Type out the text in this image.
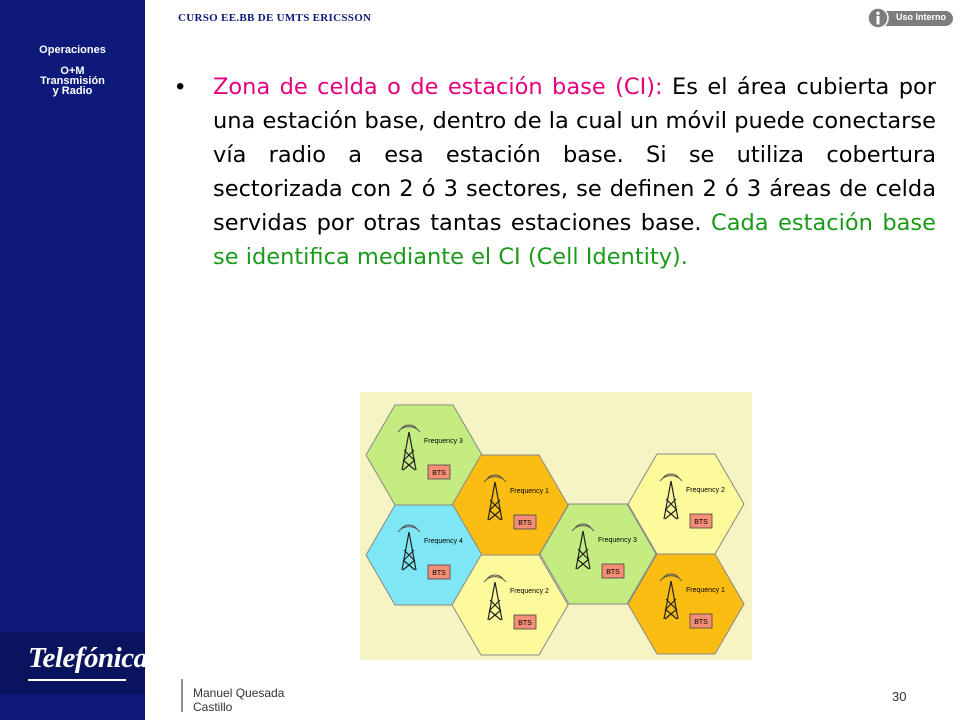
Operaciones
O+M
Transmisión
y Radio
Telefónica
CURSO EE.BB DE UMTS ERICSSON	Uso Interno
• Zona de celda o de estación base (CI): Es el área cubierta por una estación base, dentro de la cual un móvil puede conectarse vía radio a esa estación base. Si se utiliza cobertura sectorizada con 2 ó 3 sectores, se definen 2 ó 3 áreas de celda servidas por otras tantas estaciones base. Cada estación base se identifica mediante el CI (Cell Identity).
BTS
Frequency 3
BTS
Frequency 1
BTS
Frequency 4
BTS
Frequency 2
BTS
Frequency 3
BTS
Frequency 2
BTS
Frequency 1
Manuel Quesada
Castillo
30
